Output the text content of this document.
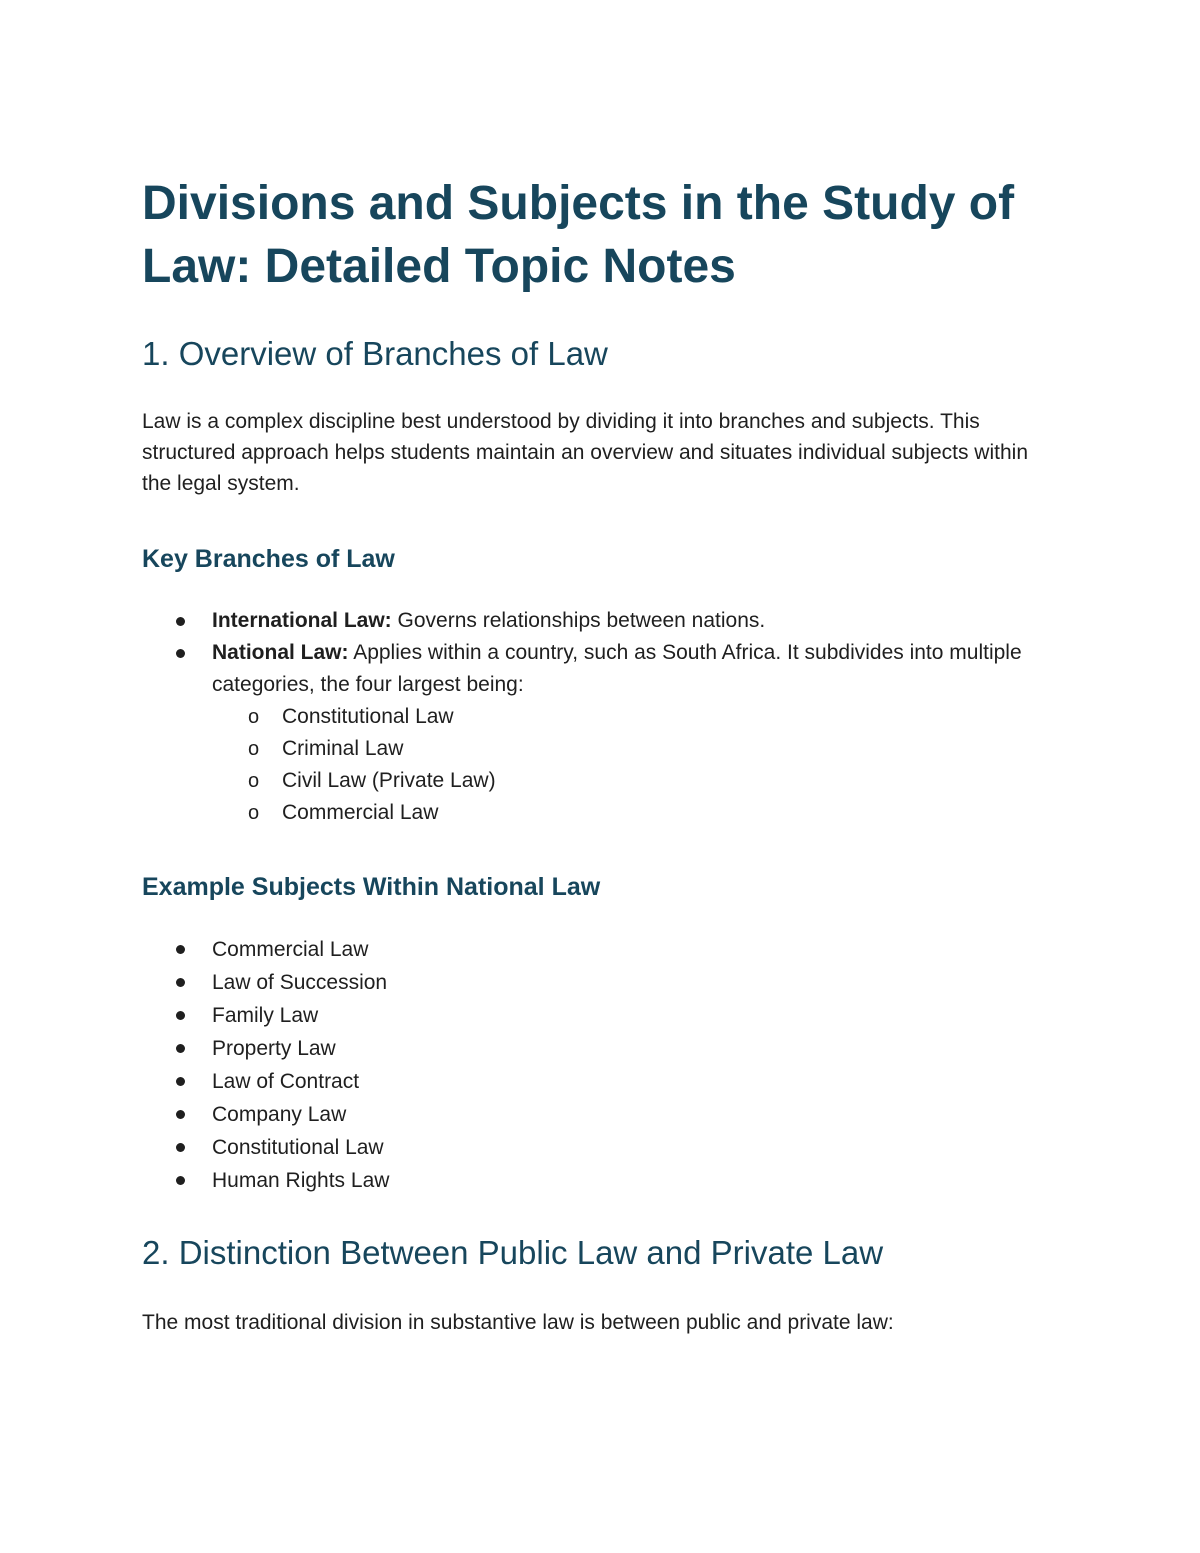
Divisions and Subjects in the Study of Law: Detailed Topic Notes
1. Overview of Branches of Law

Law is a complex discipline best understood by dividing it into branches and subjects. This structured approach helps students maintain an overview and situates individual subjects within the legal system.

Key Branches of Law
International Law: Governs relationships between nations.
National Law: Applies within a country, such as South Africa. It subdivides into multiple categories, the four largest being:
o Constitutional Law
o Criminal Law
o Civil Law (Private Law)
o Commercial Law
Example Subjects Within National Law
Commercial Law
Law of Succession
Family Law
Property Law
Law of Contract
Company Law
Constitutional Law
Human Rights Law
2. Distinction Between Public Law and Private Law

The most traditional division in substantive law is between public and private law:
